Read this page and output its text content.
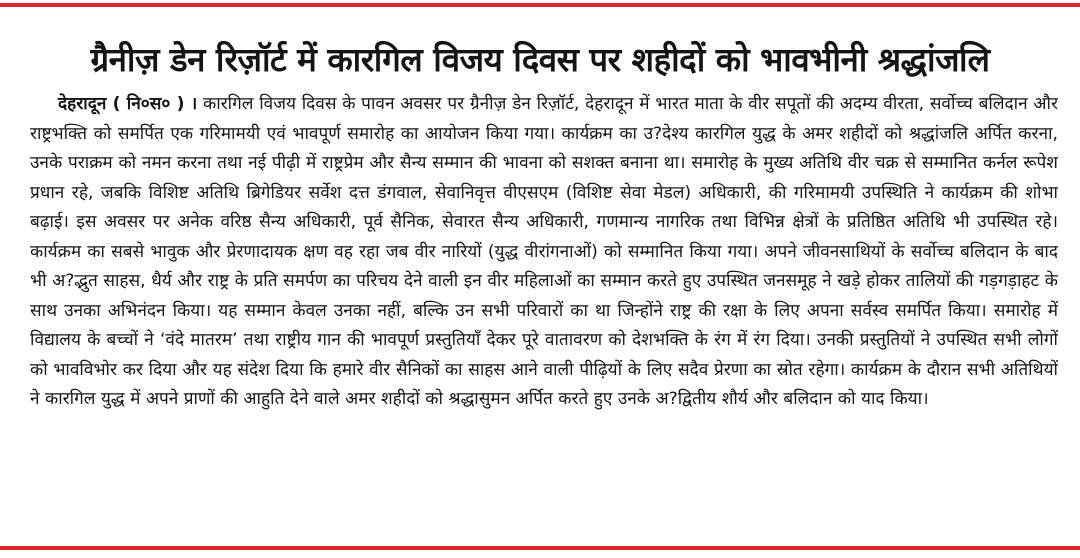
ग्रैनीज़ डेन रिज़ॉर्ट में कारगिल विजय दिवस पर शहीदों को भावभीनी श्रद्धांजलि

देहरादून ( नि०स० ) । कारगिल विजय दिवस के पावन अवसर पर ग्रैनीज़ डेन रिज़ॉर्ट, देहरादून में भारत माता के वीर सपूतों की अदम्य वीरता, सर्वोच्च बलिदान और राष्ट्रभक्ति को समर्पित एक गरिमामयी एवं भावपूर्ण समारोह का आयोजन किया गया। कार्यक्रम का उ?देश्य कारगिल युद्ध के अमर शहीदों को श्रद्धांजलि अर्पित करना, उनके पराक्रम को नमन करना तथा नई पीढ़ी में राष्ट्रप्रेम और सैन्य सम्मान की भावना को सशक्त बनाना था। समारोह के मुख्य अतिथि वीर चक्र से सम्मानित कर्नल रूपेश प्रधान रहे, जबकि विशिष्ट अतिथि ब्रिगेडियर सर्वेश दत्त डंगवाल, सेवानिवृत्त वीएसएम (विशिष्ट सेवा मेडल) अधिकारी, की गरिमामयी उपस्थिति ने कार्यक्रम की शोभा बढ़ाई। इस अवसर पर अनेक वरिष्ठ सैन्य अधिकारी, पूर्व सैनिक, सेवारत सैन्य अधिकारी, गणमान्य नागरिक तथा विभिन्न क्षेत्रों के प्रतिष्ठित अतिथि भी उपस्थित रहे। कार्यक्रम का सबसे भावुक और प्रेरणादायक क्षण वह रहा जब वीर नारियों (युद्ध वीरांगनाओं) को सम्मानित किया गया। अपने जीवनसाथियों के सर्वोच्च बलिदान के बाद भी अ?द्भुत साहस, धैर्य और राष्ट्र के प्रति समर्पण का परिचय देने वाली इन वीर महिलाओं का सम्मान करते हुए उपस्थित जनसमूह ने खड़े होकर तालियों की गड़गड़ाहट के साथ उनका अभिनंदन किया। यह सम्मान केवल उनका नहीं, बल्कि उन सभी परिवारों का था जिन्होंने राष्ट्र की रक्षा के लिए अपना सर्वस्व समर्पित किया। समारोह में विद्यालय के बच्चों ने ‘वंदे मातरम’ तथा राष्ट्रीय गान की भावपूर्ण प्रस्तुतियाँ देकर पूरे वातावरण को देशभक्ति के रंग में रंग दिया। उनकी प्रस्तुतियों ने उपस्थित सभी लोगों को भावविभोर कर दिया और यह संदेश दिया कि हमारे वीर सैनिकों का साहस आने वाली पीढ़ियों के लिए सदैव प्रेरणा का स्रोत रहेगा। कार्यक्रम के दौरान सभी अतिथियों ने कारगिल युद्ध में अपने प्राणों की आहुति देने वाले अमर शहीदों को श्रद्धासुमन अर्पित करते हुए उनके अ?द्वितीय शौर्य और बलिदान को याद किया।
